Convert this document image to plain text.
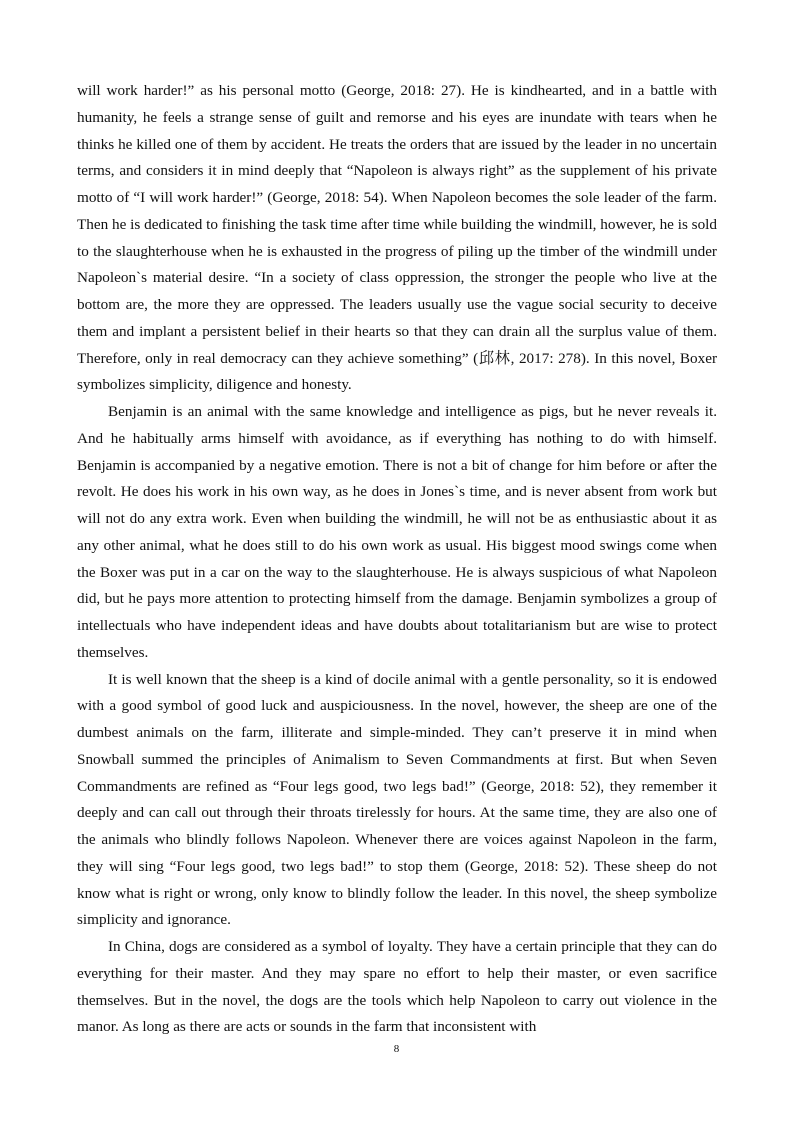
will work harder!” as his personal motto (George, 2018: 27). He is kindhearted, and in a battle with humanity, he feels a strange sense of guilt and remorse and his eyes are inundate with tears when he thinks he killed one of them by accident. He treats the orders that are issued by the leader in no uncertain terms, and considers it in mind deeply that “Napoleon is always right” as the supplement of his private motto of “I will work harder!” (George, 2018: 54). When Napoleon becomes the sole leader of the farm. Then he is dedicated to finishing the task time after time while building the windmill, however, he is sold to the slaughterhouse when he is exhausted in the progress of piling up the timber of the windmill under Napoleon`s material desire. “In a society of class oppression, the stronger the people who live at the bottom are, the more they are oppressed. The leaders usually use the vague social security to deceive them and implant a persistent belief in their hearts so that they can drain all the surplus value of them. Therefore, only in real democracy can they achieve something” (邱林, 2017: 278). In this novel, Boxer symbolizes simplicity, diligence and honesty.

Benjamin is an animal with the same knowledge and intelligence as pigs, but he never reveals it. And he habitually arms himself with avoidance, as if everything has nothing to do with himself. Benjamin is accompanied by a negative emotion. There is not a bit of change for him before or after the revolt. He does his work in his own way, as he does in Jones`s time, and is never absent from work but will not do any extra work. Even when building the windmill, he will not be as enthusiastic about it as any other animal, what he does still to do his own work as usual. His biggest mood swings come when the Boxer was put in a car on the way to the slaughterhouse. He is always suspicious of what Napoleon did, but he pays more attention to protecting himself from the damage. Benjamin symbolizes a group of intellectuals who have independent ideas and have doubts about totalitarianism but are wise to protect themselves.

It is well known that the sheep is a kind of docile animal with a gentle personality, so it is endowed with a good symbol of good luck and auspiciousness. In the novel, however, the sheep are one of the dumbest animals on the farm, illiterate and simple-minded. They can’t preserve it in mind when Snowball summed the principles of Animalism to Seven Commandments at first. But when Seven Commandments are refined as “Four legs good, two legs bad!” (George, 2018: 52), they remember it deeply and can call out through their throats tirelessly for hours. At the same time, they are also one of the animals who blindly follows Napoleon. Whenever there are voices against Napoleon in the farm, they will sing “Four legs good, two legs bad!” to stop them (George, 2018: 52). These sheep do not know what is right or wrong, only know to blindly follow the leader. In this novel, the sheep symbolize simplicity and ignorance.

In China, dogs are considered as a symbol of loyalty. They have a certain principle that they can do everything for their master. And they may spare no effort to help their master, or even sacrifice themselves. But in the novel, the dogs are the tools which help Napoleon to carry out violence in the manor. As long as there are acts or sounds in the farm that inconsistent with

8
